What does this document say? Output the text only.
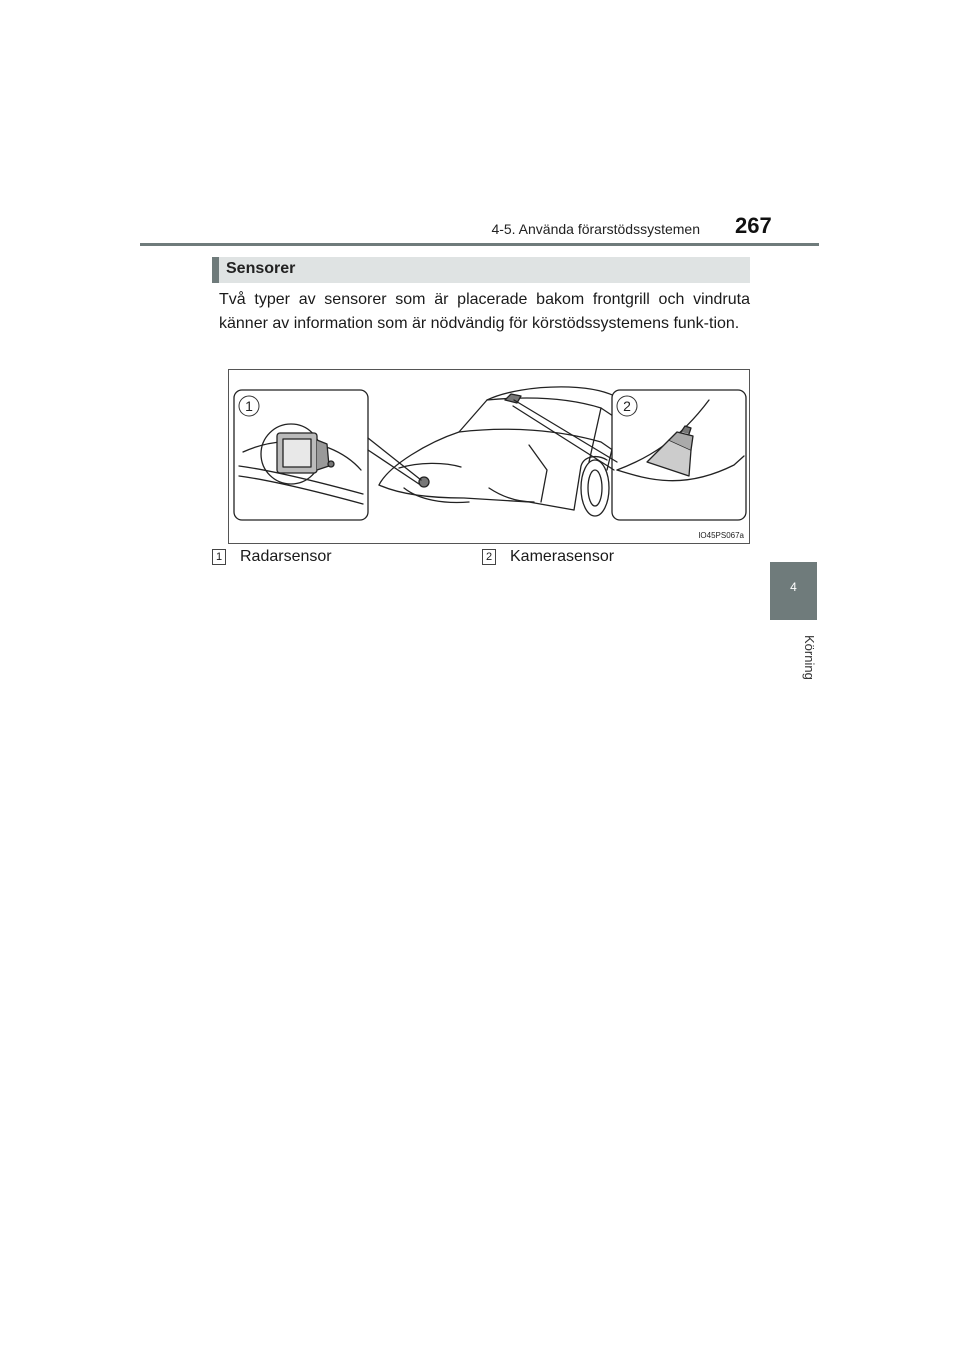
4-5. Använda förarstödssystemen 267
4
Körning
Sensorer
Två typer av sensorer som är placerade bakom frontgrill och vindruta känner av information som är nödvändig för körstödssystemens funk-tion.
1	2
IO45PS067a
1 Radarsensor	2 Kamerasensor
